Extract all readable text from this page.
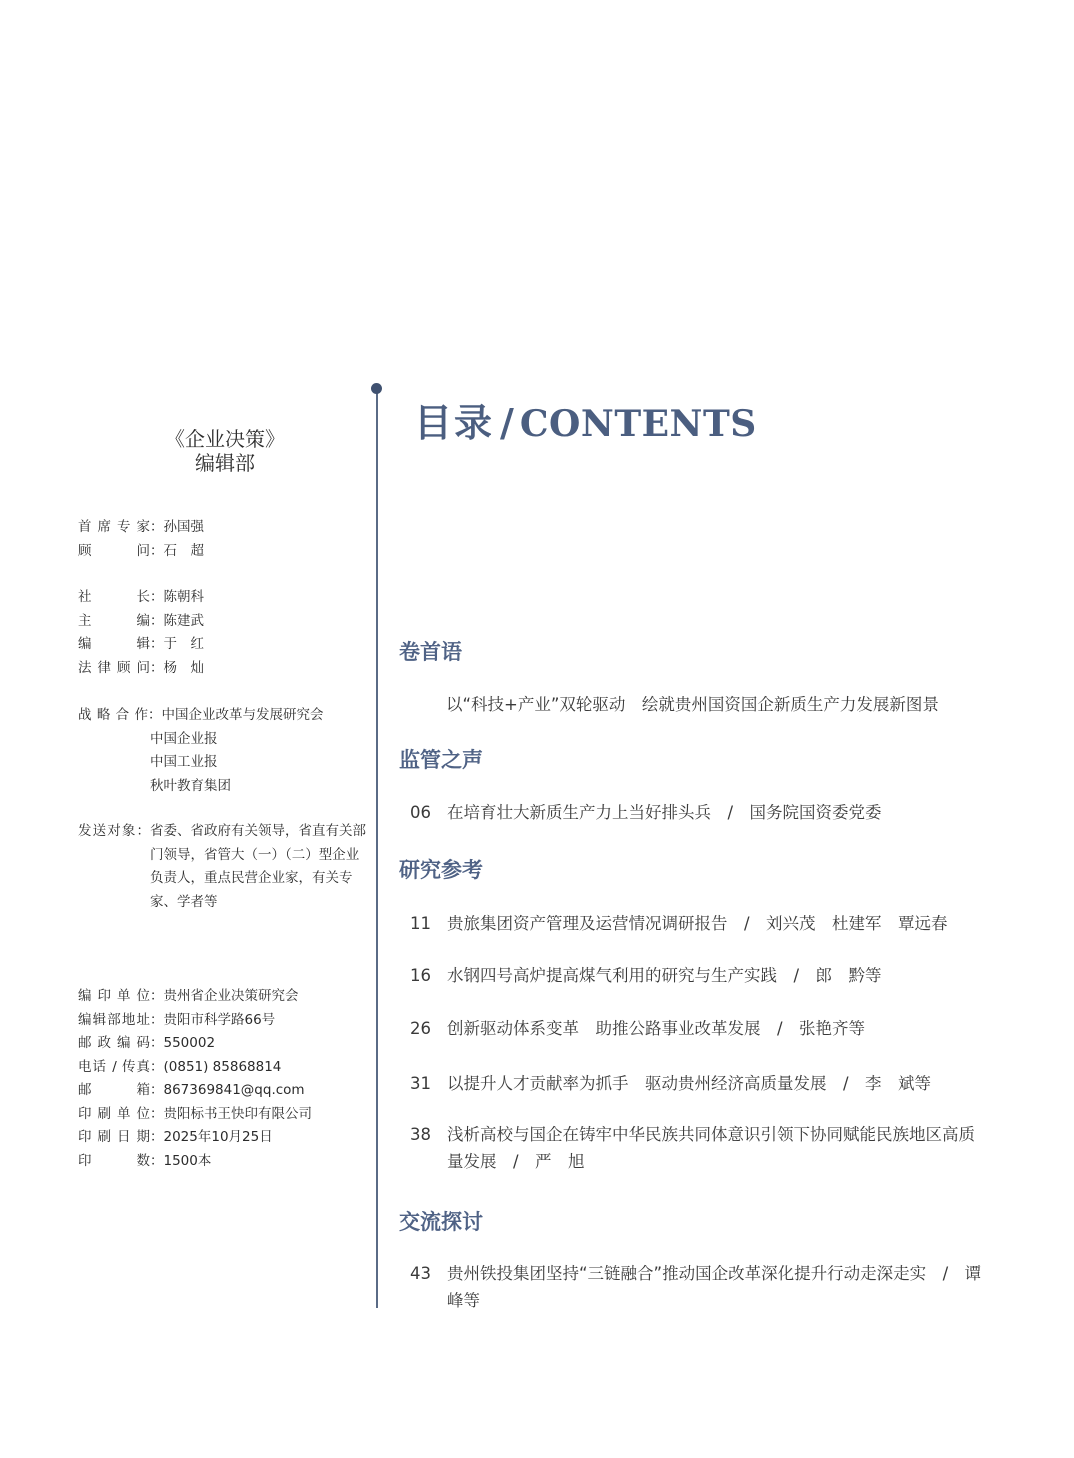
《企业决策》
编辑部
首席专家：孙国强
顾问：石　超
社长：陈朝科
主编：陈建武
编辑：于　红
法律顾问：杨　灿
战略合作：中国企业改革与发展研究会
中国企业报
中国工业报
秋叶教育集团
发送对象： 省委、省政府有关领导，省直有关部门领导，省管大（一）（二）型企业负责人，重点民营企业家，有关专家、学者等
编印单位：贵州省企业决策研究会
编辑部地址：贵阳市科学路66号
邮政编码：550002
电话 / 传真：(0851) 85868814
邮箱：867369841@qq.com
印刷单位：贵阳标书王快印有限公司
印刷日期：2025年10月25日
印数：1500本
目录 / CONTENTS
卷首语
以“科技+产业”双轮驱动　绘就贵州国资国企新质生产力发展新图景
监管之声
06 在培育壮大新质生产力上当好排头兵　/　国务院国资委党委
研究参考
11 贵旅集团资产管理及运营情况调研报告　/　刘兴茂　杜建军　覃远春
16 水钢四号高炉提高煤气利用的研究与生产实践　/　郎　黔等
26 创新驱动体系变革　助推公路事业改革发展　/　张艳齐等
31 以提升人才贡献率为抓手　驱动贵州经济高质量发展　/　李　斌等
38 浅析高校与国企在铸牢中华民族共同体意识引领下协同赋能民族地区高质量发展　/　严　旭
交流探讨
43 贵州铁投集团坚持“三链融合”推动国企改革深化提升行动走深走实　/　谭　峰等
